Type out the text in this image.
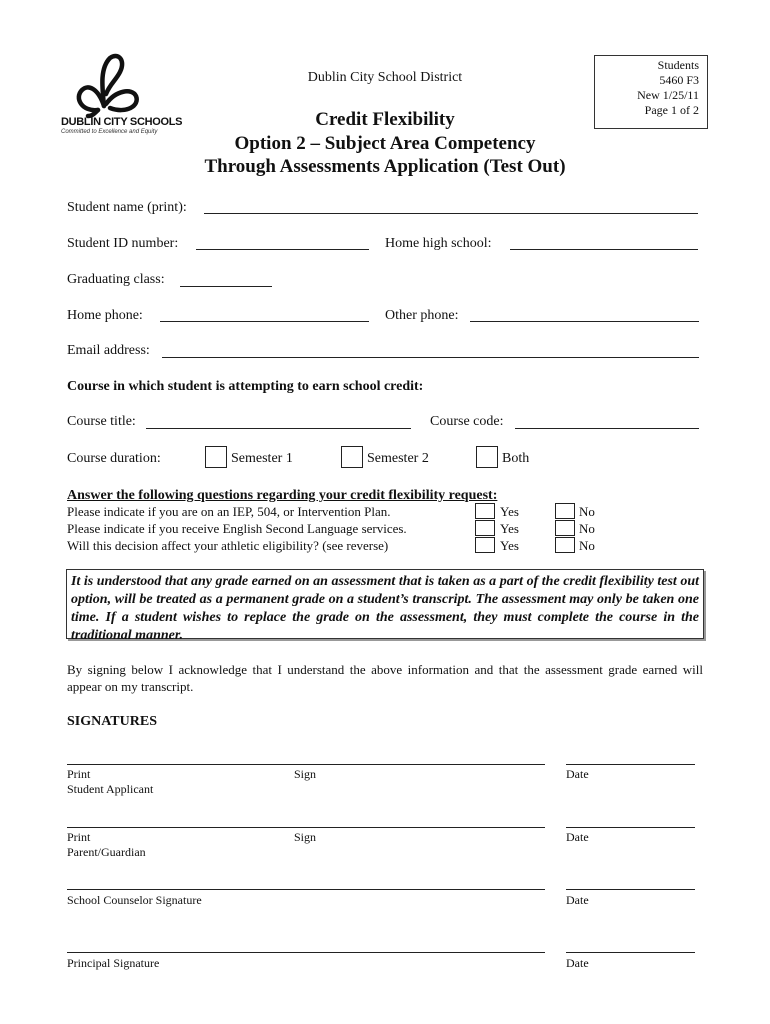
DUBLIN CITY SCHOOLS
Committed to Excellence and Equity
Dublin City School District
Credit Flexibility
Option 2 – Subject Area Competency
Through Assessments Application (Test Out)
Students
5460 F3
New 1/25/11
Page 1 of 2
Student name (print):
Student ID number:	Home high school:
Graduating class:
Home phone:	Other phone:
Email address:
Course in which student is attempting to earn school credit:
Course title:	Course code:
Course duration:	Semester 1	Semester 2	Both
Answer the following questions regarding your credit flexibility request:
Please indicate if you are on an IEP, 504, or Intervention Plan.	Yes	No
Please indicate if you receive English Second Language services.	Yes	No
Will this decision affect your athletic eligibility? (see reverse)	Yes	No
It is understood that any grade earned on an assessment that is taken as a part of the credit flexibility test out option, will be treated as a permanent grade on a student’s transcript. The assessment may only be taken one time. If a student wishes to replace the grade on the assessment, they must complete the course in the traditional manner.
By signing below I acknowledge that I understand the above information and that the assessment grade earned will appear on my transcript.
SIGNATURES
Print	Sign	Date
Student Applicant
Print	Sign	Date
Parent/Guardian
School Counselor Signature	Date
Principal Signature	Date
